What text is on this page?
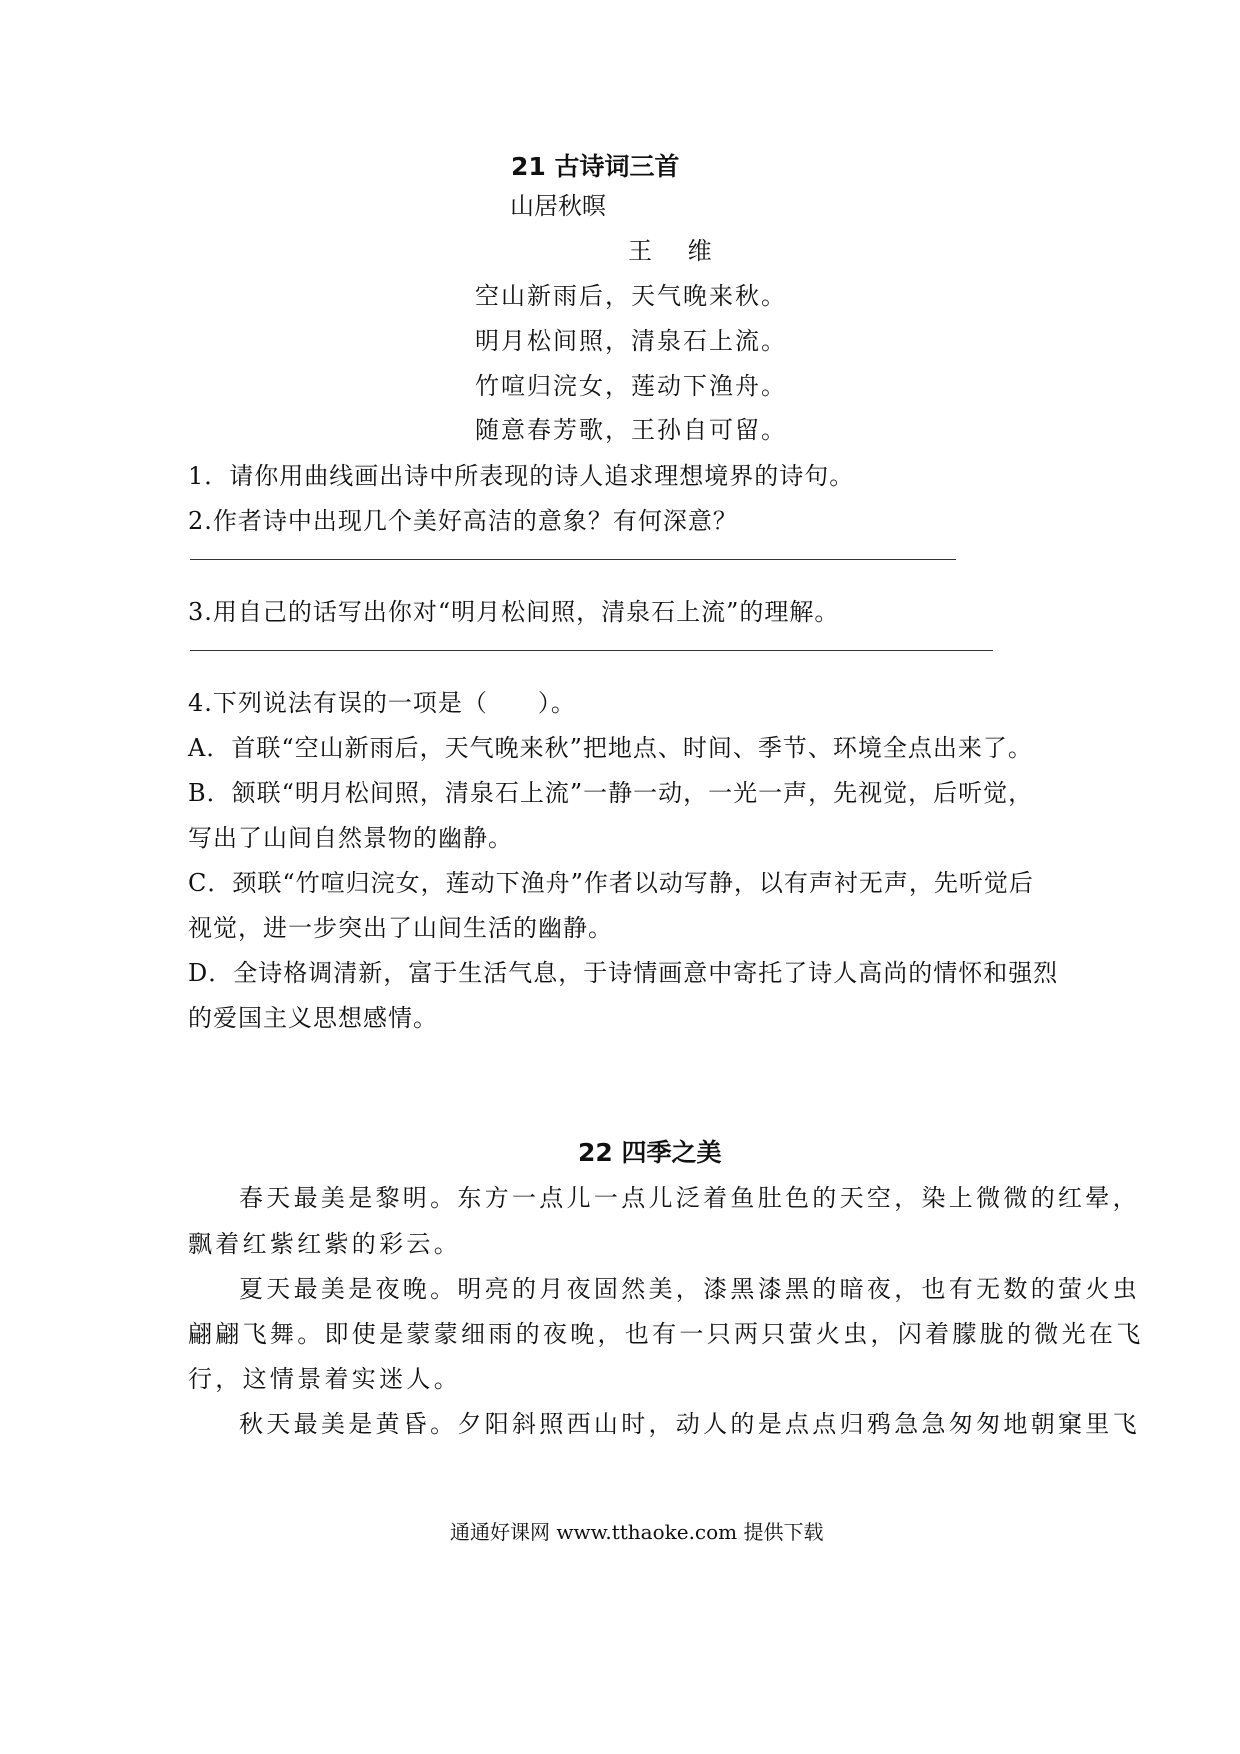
21 古诗词三首
山居秋暝
王 维
空山新雨后，天气晚来秋。
明月松间照，清泉石上流。
竹喧归浣女，莲动下渔舟。
随意春芳歌，王孙自可留。
1．请你用曲线画出诗中所表现的诗人追求理想境界的诗句。
2.作者诗中出现几个美好高洁的意象？有何深意？
3.用自己的话写出你对“明月松间照，清泉石上流”的理解。
4.下列说法有误的一项是（　　）。
A．首联“空山新雨后，天气晚来秋”把地点、时间、季节、环境全点出来了。
B．颔联“明月松间照，清泉石上流”一静一动，一光一声，先视觉，后听觉，
写出了山间自然景物的幽静。
C．颈联“竹喧归浣女，莲动下渔舟”作者以动写静，以有声衬无声，先听觉后
视觉，进一步突出了山间生活的幽静。
D．全诗格调清新，富于生活气息，于诗情画意中寄托了诗人高尚的情怀和强烈
的爱国主义思想感情。
22 四季之美
春天最美是黎明。东方一点儿一点儿泛着鱼肚色的天空，染上微微的红晕，
飘着红紫红紫的彩云。
夏天最美是夜晚。明亮的月夜固然美，漆黑漆黑的暗夜，也有无数的萤火虫
翩翩飞舞。即使是蒙蒙细雨的夜晚，也有一只两只萤火虫，闪着朦胧的微光在飞
行，这情景着实迷人。
秋天最美是黄昏。夕阳斜照西山时，动人的是点点归鸦急急匆匆地朝窠里飞
通通好课网 www.tthaoke.com 提供下载
